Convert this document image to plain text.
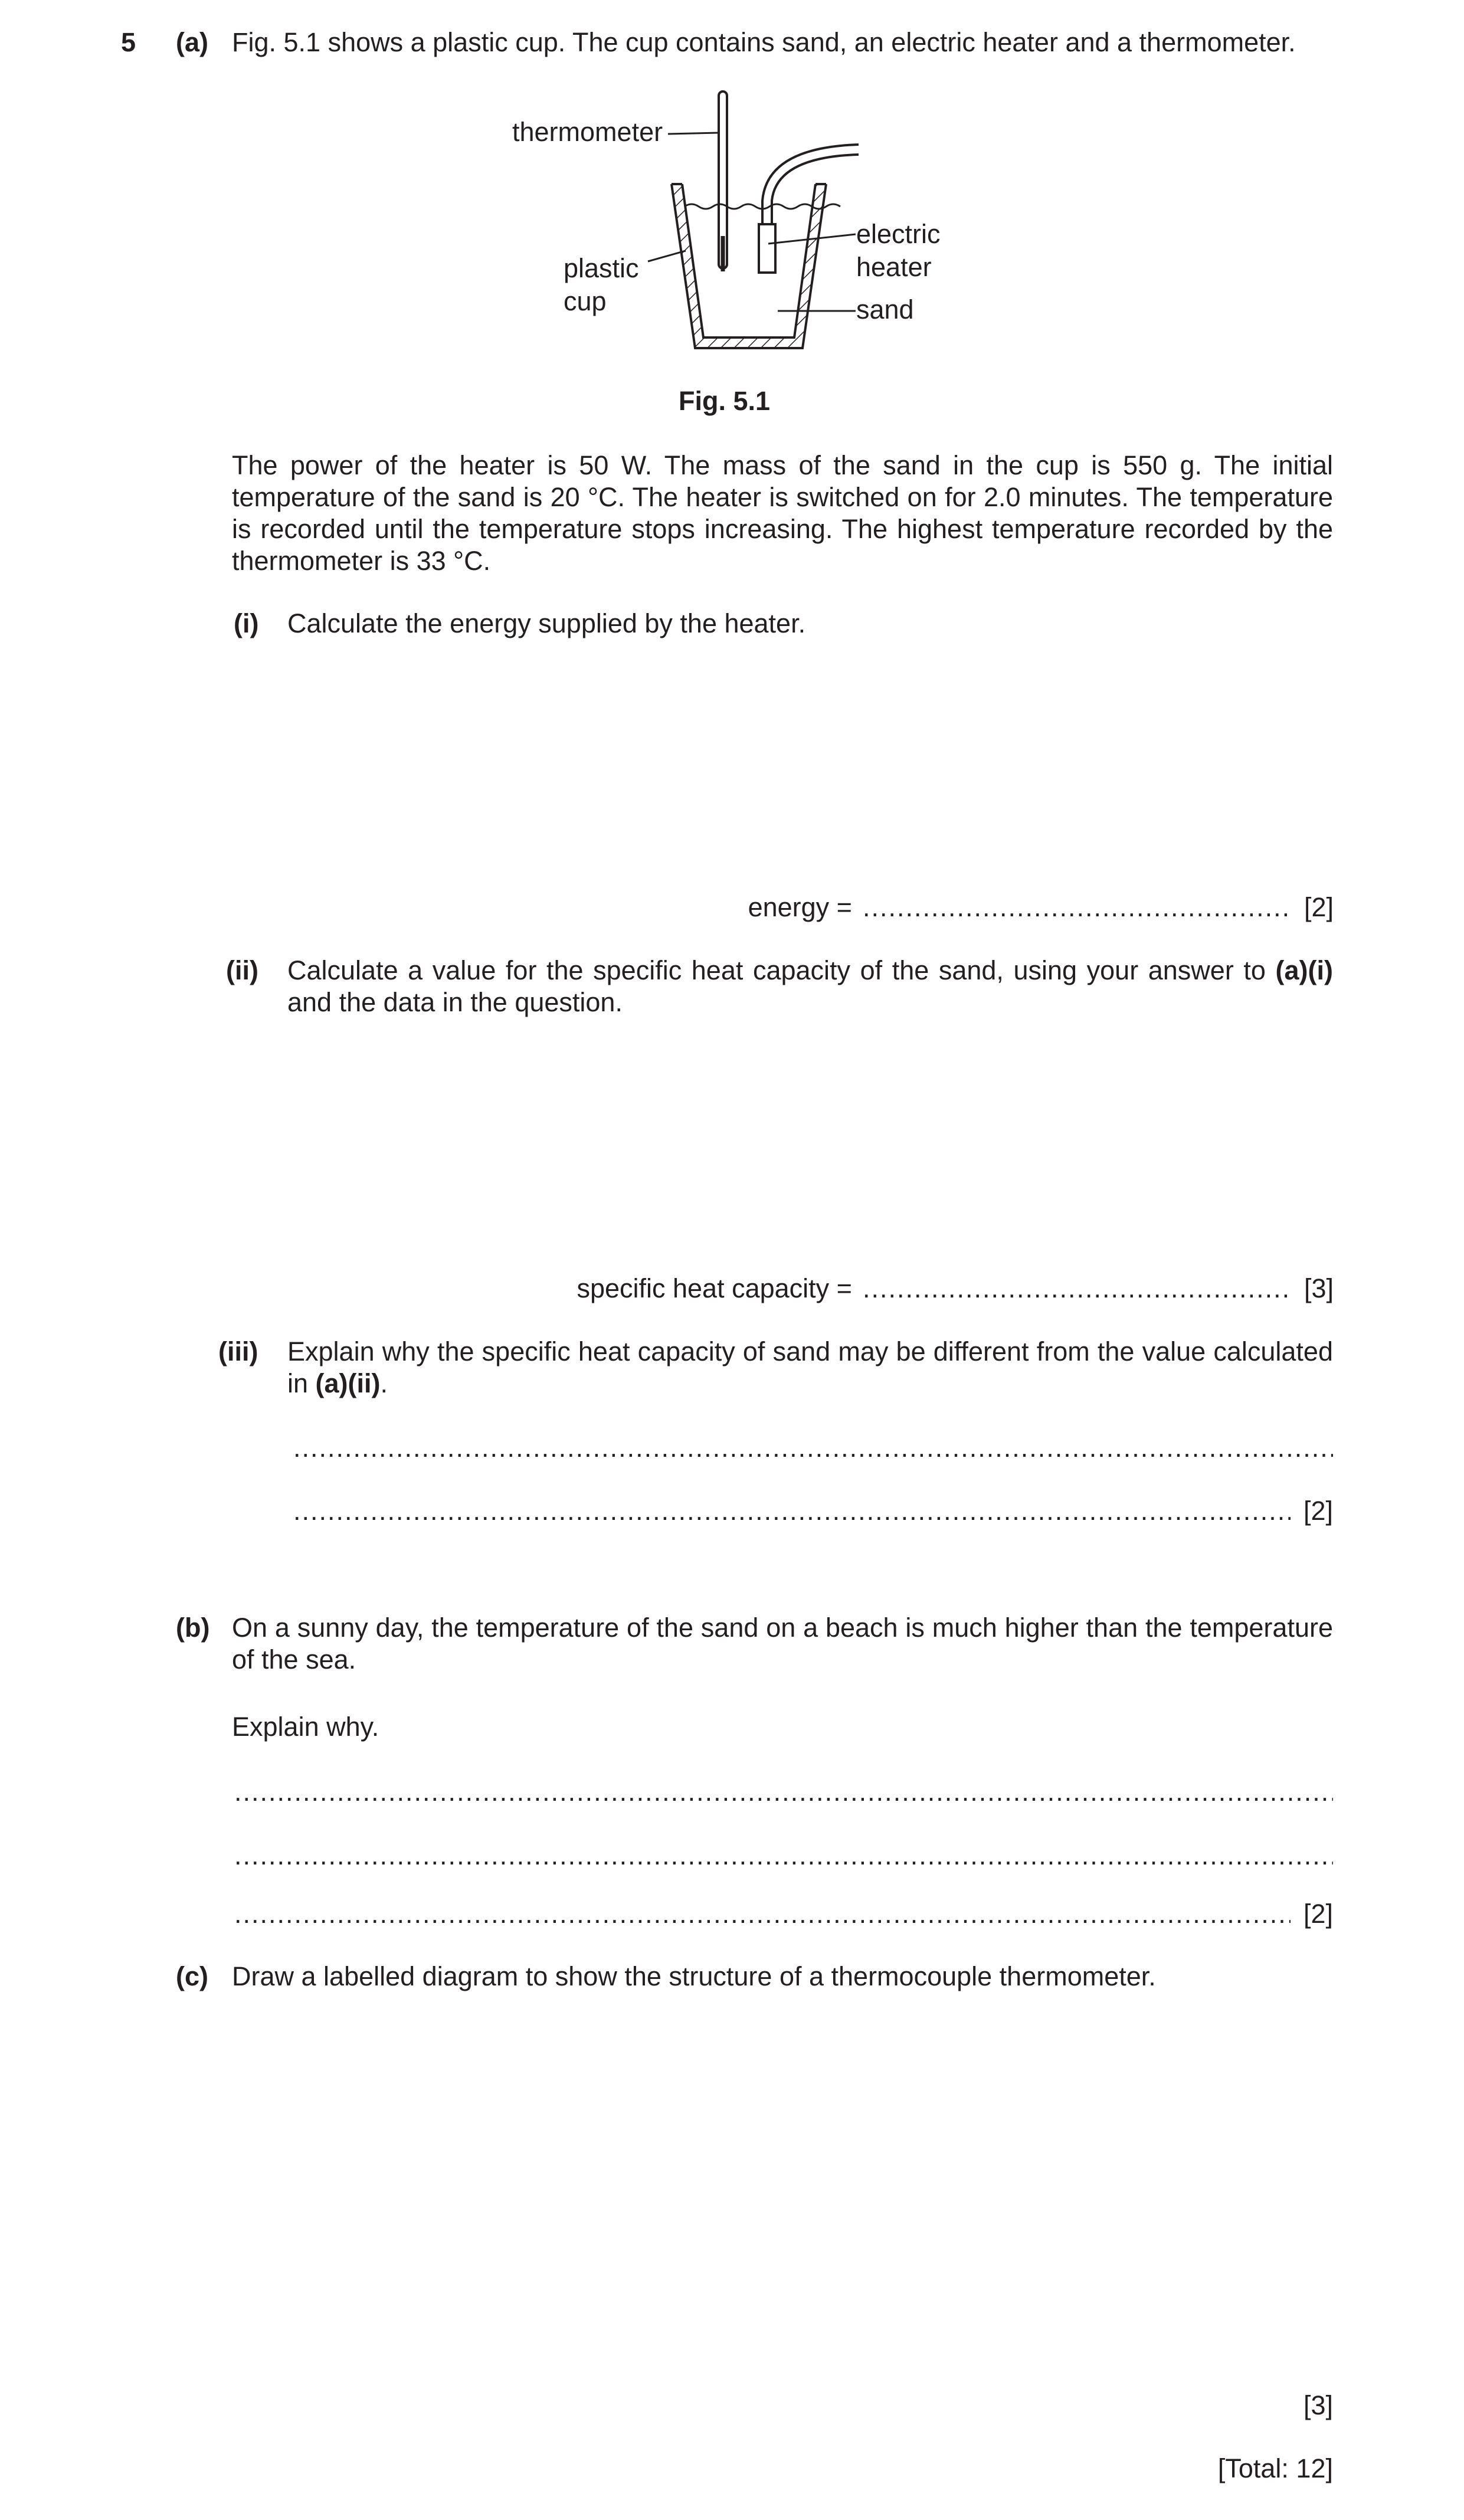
5 (a) Fig. 5.1 shows a plastic cup. The cup contains sand, an electric heater and a thermometer.
thermometer
plastic
cup
electric
heater
sand
Fig. 5.1
The power of the heater is 50 W. The mass of the sand in the cup is 550 g. The initial temperature of the sand is 20 °C. The heater is switched on for 2.0 minutes. The temperature is recorded until the temperature stops increasing. The highest temperature recorded by the thermometer is 33 °C.
(i) Calculate the energy supplied by the heater.
energy = .....	[2]
(ii) Calculate a value for the specific heat capacity of the sand, using your answer to (a)(i) and the data in the question.
specific heat capacity = .....	[3]
(iii) Explain why the specific heat capacity of sand may be different from the value calculated in (a)(ii).
.....
.....
[2]
(b) On a sunny day, the temperature of the sand on a beach is much higher than the temperature of the sea.
Explain why.
.....
.....
.....
[2]
(c) Draw a labelled diagram to show the structure of a thermocouple thermometer.
[3]
[Total: 12]
